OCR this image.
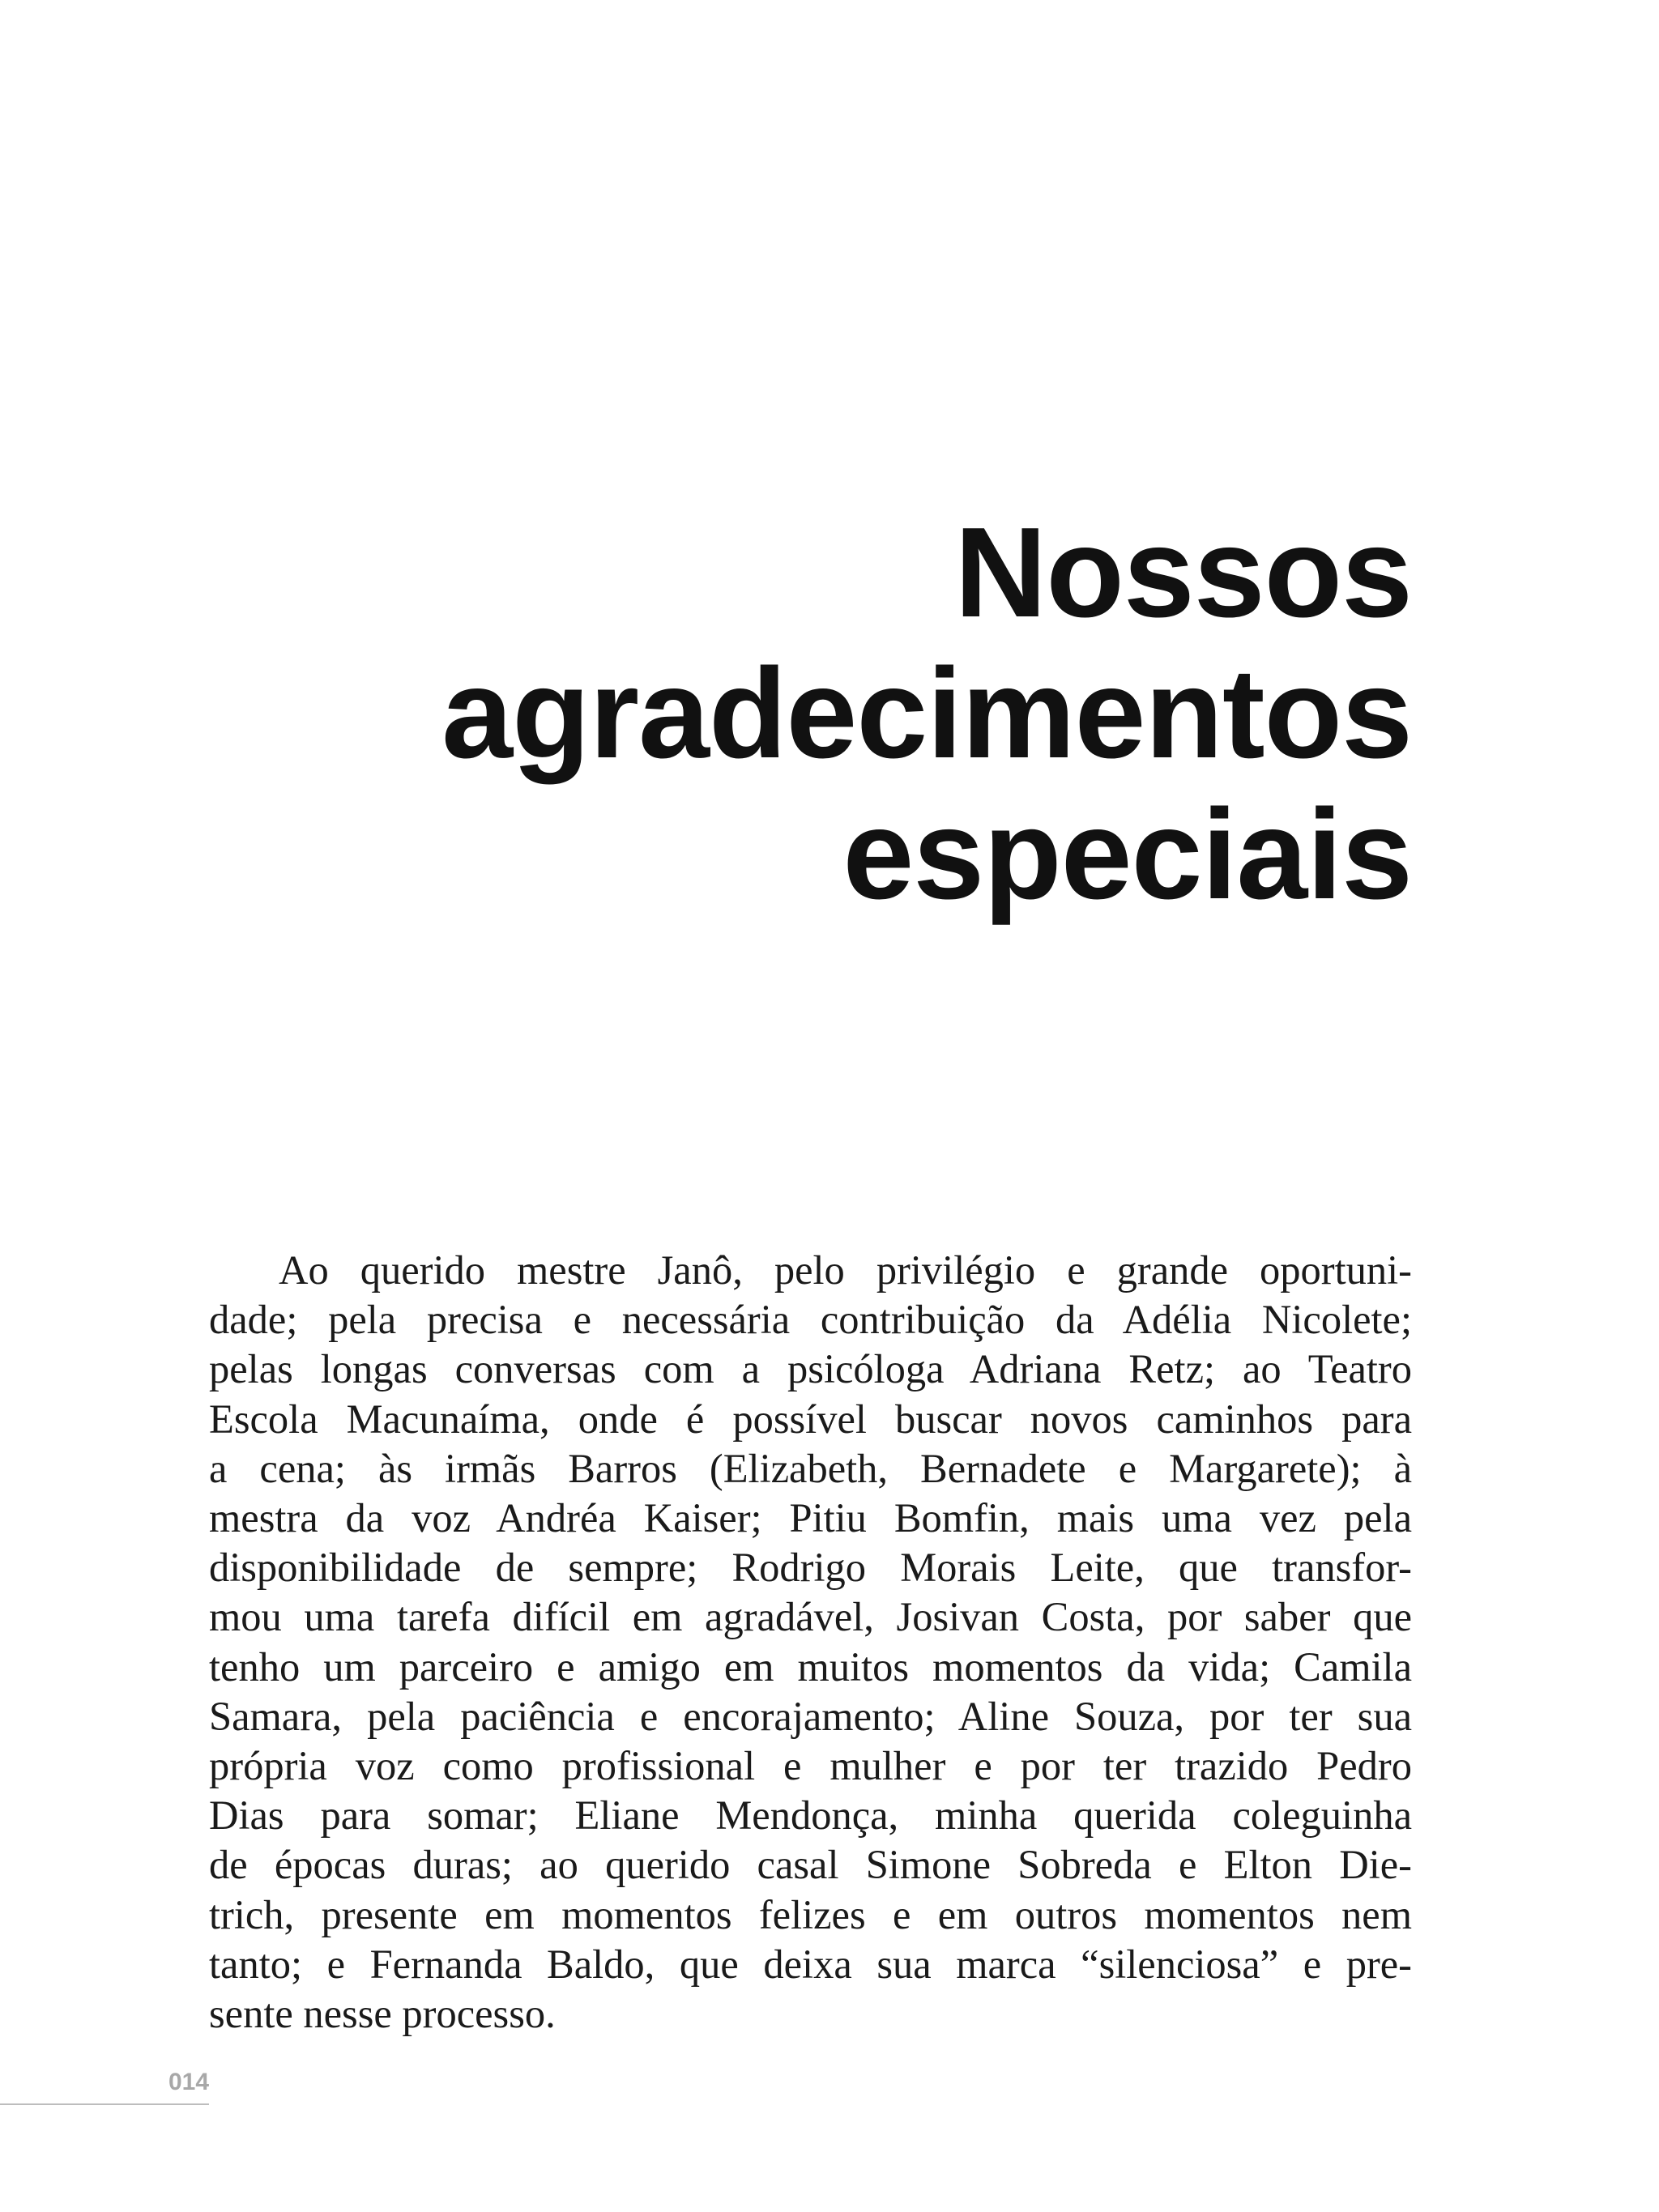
Nossos
agradecimentos
especiais

Ao querido mestre Janô, pelo privilégio e grande oportuni-
dade; pela precisa e necessária contribuição da Adélia Nicolete;
pelas longas conversas com a psicóloga Adriana Retz; ao Teatro
Escola Macunaíma, onde é possível buscar novos caminhos para
a cena; às irmãs Barros (Elizabeth, Bernadete e Margarete); à
mestra da voz Andréa Kaiser; Pitiu Bomfin, mais uma vez pela
disponibilidade de sempre; Rodrigo Morais Leite, que transfor-
mou uma tarefa difícil em agradável, Josivan Costa, por saber que
tenho um parceiro e amigo em muitos momentos da vida; Camila
Samara, pela paciência e encorajamento; Aline Souza, por ter sua
própria voz como profissional e mulher e por ter trazido Pedro
Dias para somar; Eliane Mendonça, minha querida coleguinha
de épocas duras; ao querido casal Simone Sobreda e Elton Die-
trich, presente em momentos felizes e em outros momentos nem
tanto; e Fernanda Baldo, que deixa sua marca “silenciosa” e pre-
sente nesse processo.

014
